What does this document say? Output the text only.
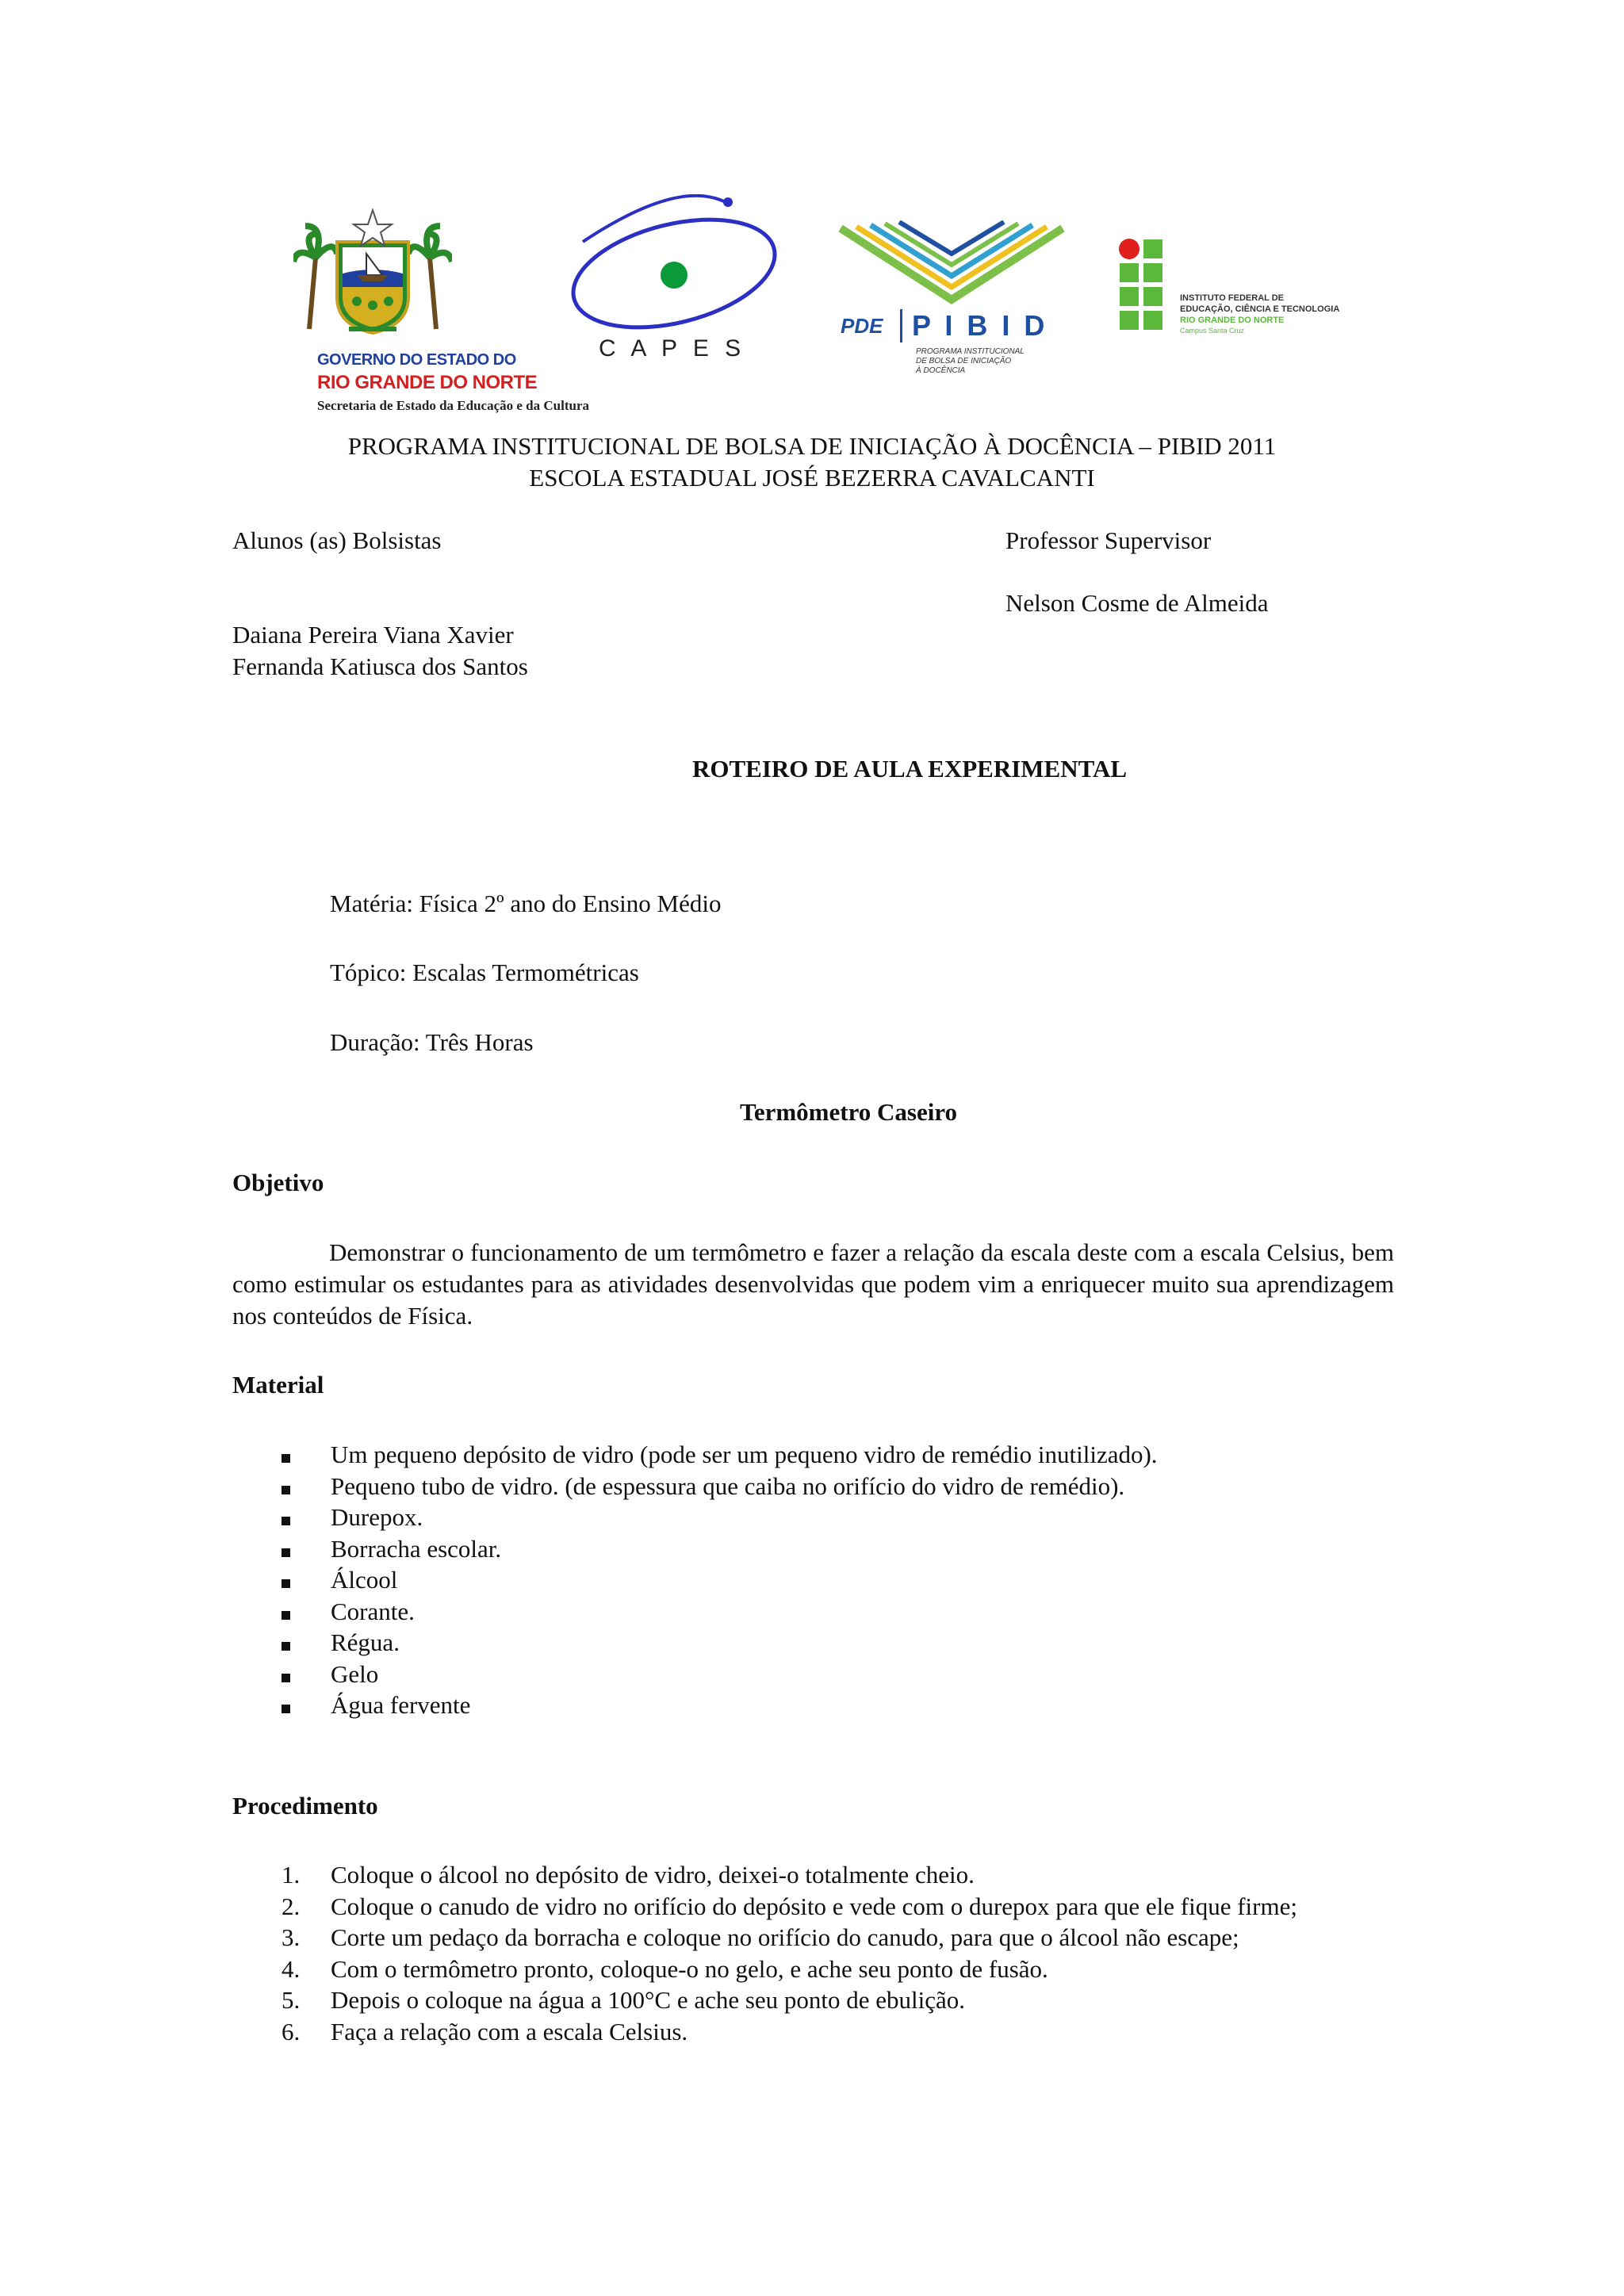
GOVERNO DO ESTADO DO
RIO GRANDE DO NORTE
Secretaria de Estado da Educação e da Cultura
C A P E S
PDE P I B I D
PROGRAMA INSTITUCIONAL
DE BOLSA DE INICIAÇÃO
À DOCÊNCIA
INSTITUTO FEDERAL DE
EDUCAÇÃO, CIÊNCIA E TECNOLOGIA
RIO GRANDE DO NORTE
Campus Santa Cruz
PROGRAMA INSTITUCIONAL DE BOLSA DE INICIAÇÃO À DOCÊNCIA – PIBID 2011
ESCOLA ESTADUAL JOSÉ BEZERRA CAVALCANTI
Alunos (as) Bolsistas
Daiana Pereira Viana Xavier
Fernanda Katiusca dos Santos
Professor Supervisor
Nelson Cosme de Almeida
ROTEIRO DE AULA EXPERIMENTAL
Matéria: Física 2º ano do Ensino Médio
Tópico: Escalas Termométricas
Duração: Três Horas
Termômetro Caseiro
Objetivo
Demonstrar o funcionamento de um termômetro e fazer a relação da escala deste com a escala Celsius, bem como estimular os estudantes para as atividades desenvolvidas que podem vim a enriquecer muito sua aprendizagem nos conteúdos de Física.
Material
Um pequeno depósito de vidro (pode ser um pequeno vidro de remédio inutilizado).
Pequeno tubo de vidro. (de espessura que caiba no orifício do vidro de remédio).
Durepox.
Borracha escolar.
Álcool
Corante.
Régua.
Gelo
Água fervente
Procedimento
1. Coloque o álcool no depósito de vidro, deixei-o totalmente cheio.
2. Coloque o canudo de vidro no orifício do depósito e vede com o durepox para que ele fique firme;
3. Corte um pedaço da borracha e coloque no orifício do canudo, para que o álcool não escape;
4. Com o termômetro pronto, coloque-o no gelo, e ache seu ponto de fusão.
5. Depois o coloque na água a 100°C e ache seu ponto de ebulição.
6. Faça a relação com a escala Celsius.
